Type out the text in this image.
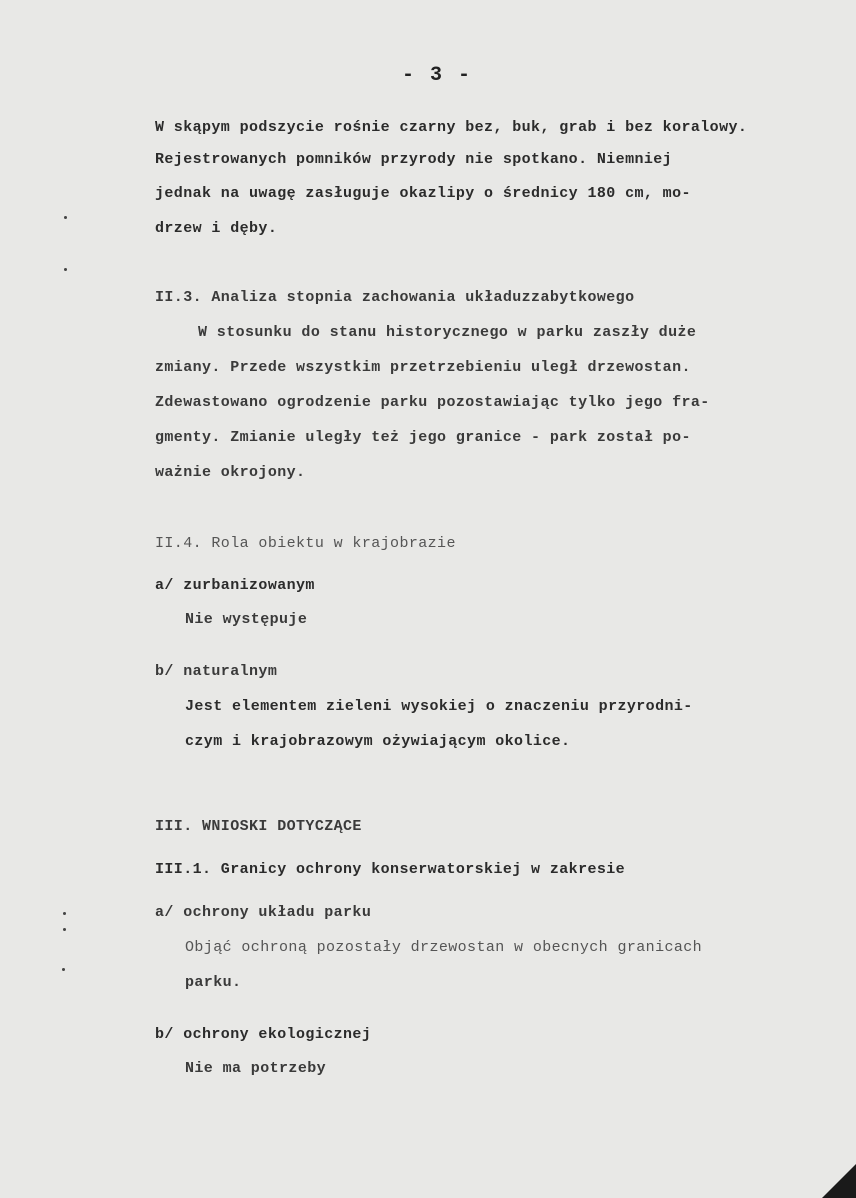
- 3 -
W skąpym podszycie rośnie czarny bez, buk, grab i bez koralowy.
Rejestrowanych pomników przyrody nie spotkano. Niemniej
jednak na uwagę zasługuje okazlipy o średnicy 180 cm, mo-
drzew i dęby.
II.3. Analiza stopnia zachowania układuzzabytkowego
W stosunku do stanu historycznego w parku zaszły duże
zmiany. Przede wszystkim przetrzebieniu uległ drzewostan.
Zdewastowano ogrodzenie parku pozostawiając tylko jego fra-
gmenty. Zmianie uległy też jego granice - park został po-
ważnie okrojony.
II.4. Rola obiektu w krajobrazie
a/ zurbanizowanym
Nie występuje
b/ naturalnym
Jest elementem zieleni wysokiej o znaczeniu przyrodni-
czym i krajobrazowym ożywiającym okolice.
III. WNIOSKI DOTYCZĄCE
III.1. Granicy ochrony konserwatorskiej w zakresie
a/ ochrony układu parku
Objąć ochroną pozostały drzewostan w obecnych granicach
parku.
b/ ochrony ekologicznej
Nie ma potrzeby
